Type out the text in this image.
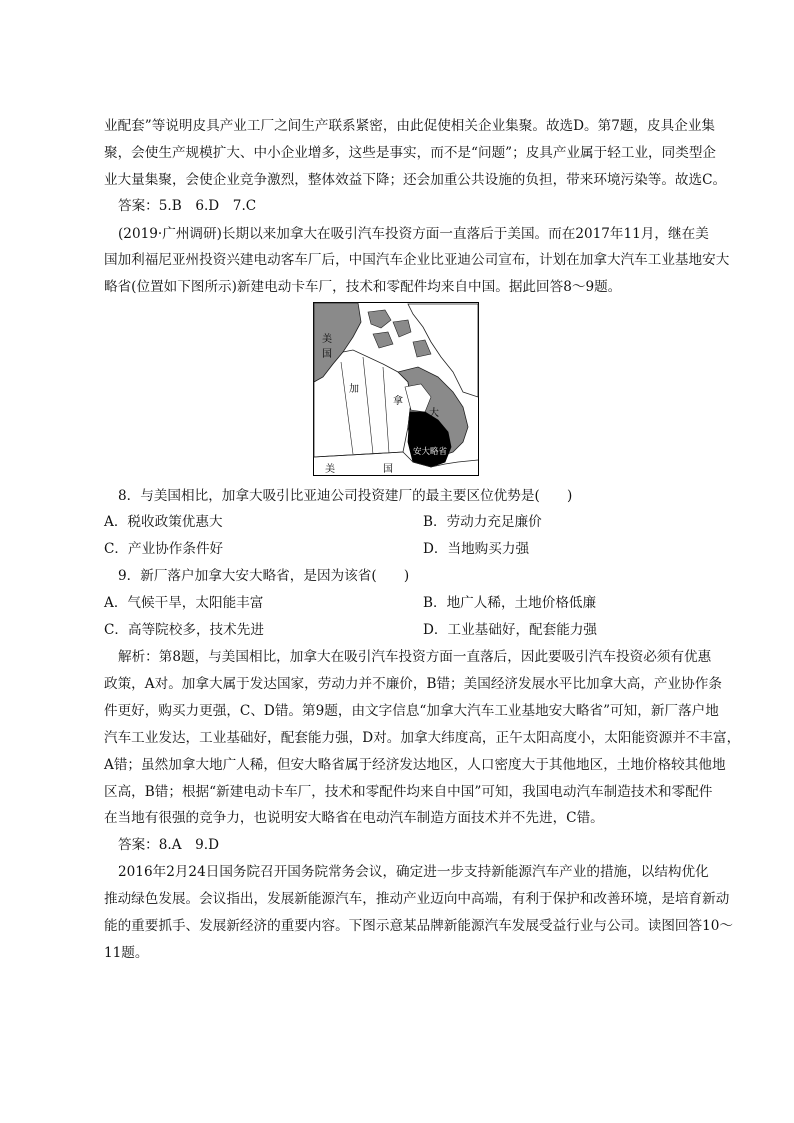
业配套”等说明皮具产业工厂之间生产联系紧密，由此促使相关企业集聚。故选D。第7题，皮具企业集
聚，会使生产规模扩大、中小企业增多，这些是事实，而不是“问题”；皮具产业属于轻工业，同类型企
业大量集聚，会使企业竞争激烈，整体效益下降；还会加重公共设施的负担，带来环境污染等。故选C。
答案：5.B　6.D　7.C
(2019·广州调研)长期以来加拿大在吸引汽车投资方面一直落后于美国。而在2017年11月，继在美
国加利福尼亚州投资兴建电动客车厂后，中国汽车企业比亚迪公司宣布，计划在加拿大汽车工业基地安大
略省(位置如下图所示)新建电动卡车厂，技术和零配件均来自中国。据此回答8～9题。
美
国
加
拿
大
安大略省
美	国
8．与美国相比，加拿大吸引比亚迪公司投资建厂的最主要区位优势是(　　)
A．税收政策优惠大	B．劳动力充足廉价
C．产业协作条件好	D．当地购买力强
9．新厂落户加拿大安大略省，是因为该省(　　)
A．气候干旱，太阳能丰富	B．地广人稀，土地价格低廉
C．高等院校多，技术先进	D．工业基础好，配套能力强
解析：第8题，与美国相比，加拿大在吸引汽车投资方面一直落后，因此要吸引汽车投资必须有优惠
政策，A对。加拿大属于发达国家，劳动力并不廉价，B错；美国经济发展水平比加拿大高，产业协作条
件更好，购买力更强，C、D错。第9题，由文字信息“加拿大汽车工业基地安大略省”可知，新厂落户地
汽车工业发达，工业基础好，配套能力强，D对。加拿大纬度高，正午太阳高度小，太阳能资源并不丰富，
A错；虽然加拿大地广人稀，但安大略省属于经济发达地区，人口密度大于其他地区，土地价格较其他地
区高，B错；根据“新建电动卡车厂，技术和零配件均来自中国”可知，我国电动汽车制造技术和零配件
在当地有很强的竞争力，也说明安大略省在电动汽车制造方面技术并不先进，C错。
答案：8.A　9.D
2016年2月24日国务院召开国务院常务会议，确定进一步支持新能源汽车产业的措施，以结构优化
推动绿色发展。会议指出，发展新能源汽车，推动产业迈向中高端，有利于保护和改善环境，是培育新动
能的重要抓手、发展新经济的重要内容。下图示意某品牌新能源汽车发展受益行业与公司。读图回答10～
11题。
